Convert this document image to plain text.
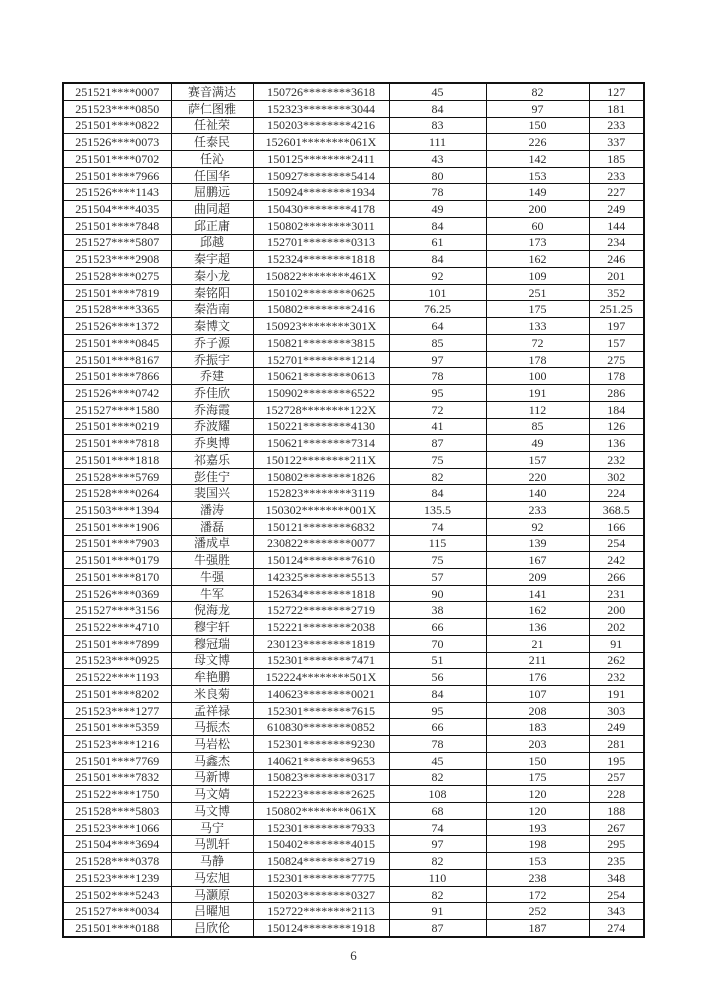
251521****0007	赛音满达	150726********3618	45	82	127
251523****0850	萨仁图雅	152323********3044	84	97	181
251501****0822	任祉荣	150203********4216	83	150	233
251526****0073	任泰民	152601********061X	111	226	337
251501****0702	任沁	150125********2411	43	142	185
251501****7966	任国华	150927********5414	80	153	233
251526****1143	屈鹏远	150924********1934	78	149	227
251504****4035	曲同超	150430********4178	49	200	249
251501****7848	邱正庸	150802********3011	84	60	144
251527****5807	邱越	152701********0313	61	173	234
251523****2908	秦宇超	152324********1818	84	162	246
251528****0275	秦小龙	150822********461X	92	109	201
251501****7819	秦铭阳	150102********0625	101	251	352
251528****3365	秦浩南	150802********2416	76.25	175	251.25
251526****1372	秦博文	150923********301X	64	133	197
251501****0845	乔子源	150821********3815	85	72	157
251501****8167	乔振宇	152701********1214	97	178	275
251501****7866	乔建	150621********0613	78	100	178
251526****0742	乔佳欣	150902********6522	95	191	286
251527****1580	乔海霞	152728********122X	72	112	184
251501****0219	乔波耀	150221********4130	41	85	126
251501****7818	乔奥博	150621********7314	87	49	136
251501****1818	祁嘉乐	150122********211X	75	157	232
251528****5769	彭佳宁	150802********1826	82	220	302
251528****0264	裴国兴	152823********3119	84	140	224
251503****1394	潘涛	150302********001X	135.5	233	368.5
251501****1906	潘磊	150121********6832	74	92	166
251501****7903	潘成卓	230822********0077	115	139	254
251501****0179	牛强胜	150124********7610	75	167	242
251501****8170	牛强	142325********5513	57	209	266
251526****0369	牛军	152634********1818	90	141	231
251527****3156	倪海龙	152722********2719	38	162	200
251522****4710	穆宇轩	152221********2038	66	136	202
251501****7899	穆冠瑞	230123********1819	70	21	91
251523****0925	母文博	152301********7471	51	211	262
251522****1193	牟艳鹏	152224********501X	56	176	232
251501****8202	米良菊	140623********0021	84	107	191
251523****1277	孟祥禄	152301********7615	95	208	303
251501****5359	马振杰	610830********0852	66	183	249
251523****1216	马岩松	152301********9230	78	203	281
251501****7769	马鑫杰	140621********9653	45	150	195
251501****7832	马新博	150823********0317	82	175	257
251522****1750	马文婧	152223********2625	108	120	228
251528****5803	马文博	150802********061X	68	120	188
251523****1066	马宁	152301********7933	74	193	267
251504****3694	马凯轩	150402********4015	97	198	295
251528****0378	马静	150824********2719	82	153	235
251523****1239	马宏旭	152301********7775	110	238	348
251502****5243	马灏原	150203********0327	82	172	254
251527****0034	吕曜旭	152722********2113	91	252	343
251501****0188	吕欣伦	150124********1918	87	187	274
6
